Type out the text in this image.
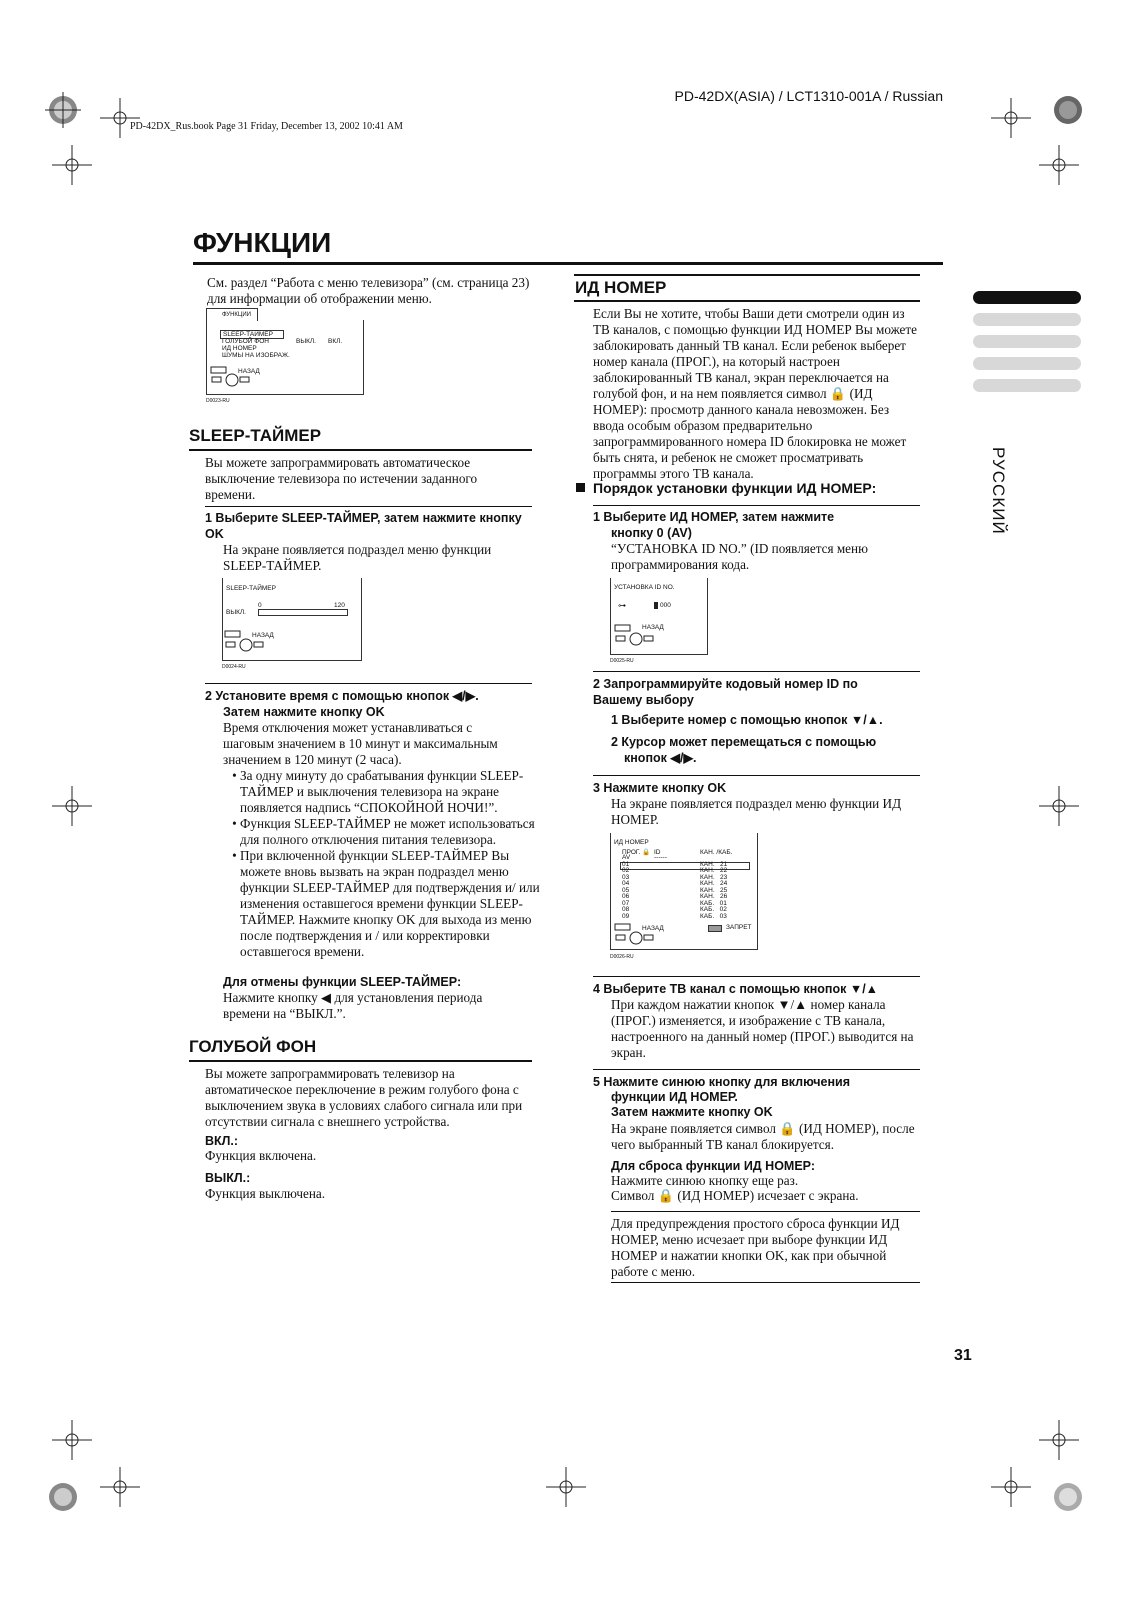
PD-42DX(ASIA) / LCT1310-001A / Russian
PD-42DX_Rus.book Page 31 Friday, December 13, 2002 10:41 AM
ФУНКЦИИ
РУССКИЙ

См. раздел “Работа с меню телевизора” (см. страница 23) для информации об отображении меню.

ФУНКЦИИ
SLEEP-ТАЙМЕР
ГОЛУБОЙ ФОН
ИД НОМЕР
ШУМЫ НА ИЗОБРАЖ.
ВЫКЛ. ВКЛ.
НАЗАД
D0023-RU
SLEEP-ТАЙМЕР

Вы можете запрограммировать автоматическое выключение телевизора по истечении заданного времени.

1 Выберите SLEEP-ТАЙМЕР, затем нажмите кнопку OK

На экране появляется подраздел меню функции SLEEP-ТАЙМЕР.

SLEEP-ТАЙМЕР
ВЫКЛ.
0	120
НАЗАД
D0024-RU
2 Установите время с помощью кнопок ◀/▶.
Затем нажмите кнопку OK

Время отключения может устанавливаться с шаговым значением в 10 минут и максимальным значением в 120 минут (2 часа).

• За одну минуту до срабатывания функции SLEEP-ТАЙМЕР и выключения телевизора на экране появляется надпись “СПОКОЙНОЙ НОЧИ!”.
• Функция SLEEP-ТАЙМЕР не может использоваться для полного отключения питания телевизора.
• При включенной функции SLEEP-ТАЙМЕР Вы можете вновь вызвать на экран подраздел меню функции SLEEP-ТАЙМЕР для подтверждения и/ или изменения оставшегося времени функции SLEEP-ТАЙМЕР. Нажмите кнопку OK для выхода из меню после подтверждения и / или корректировки оставшегося времени.
Для отмены функции SLEEP-ТАЙМЕР:

Нажмите кнопку ◀ для установления периода времени на “ВЫКЛ.”.

ГОЛУБОЙ ФОН

Вы можете запрограммировать телевизор на автоматическое переключение в режим голубого фона с выключением звука в условиях слабого сигнала или при отсутствии сигнала с внешнего устройства.

ВКЛ.:

Функция включена.

ВЫКЛ.:

Функция выключена.

ИД НОМЕР

Если Вы не хотите, чтобы Ваши дети смотрели один из ТВ каналов, с помощью функции ИД НОМЕР Вы можете заблокировать данный ТВ канал. Если ребенок выберет номер канала (ПРОГ.), на который настроен заблокированный ТВ канал, экран переключается на голубой фон, и на нем появляется символ 🔒 (ИД НОМЕР): просмотр данного канала невозможен. Без ввода особым образом предварительно запрограммированного номера ID блокировка не может быть снята, и ребенок не сможет просматривать программы этого ТВ канала.

Порядок установки функции ИД НОМЕР:
1 Выберите ИД НОМЕР, затем нажмите
кнопку 0 (AV)

“УСТАНОВКА ID NO.” (ID появляется меню программирования кода.

УСТАНОВКА ID NO.
⊶	000
НАЗАД
D0025-RU
2 Запрограммируйте кодовый номер ID по Вашему выбору
1 Выберите номер с помощью кнопок ▼/▲.
2 Курсор может перемещаться с помощью
кнопок ◀/▶.
3 Нажмите кнопку OK

На экране появляется подраздел меню функции ИД НОМЕР.

ИД НОМЕР
ПРОГ. 🔒 ID	КАН. /КАБ.
AV	------
01	КАН.   21
02	КАН.   22
03	КАН.   23
04	КАН.   24
05	КАН.   25
06	КАН.   26
07	КАБ.   01
08	КАБ.   02
09	КАБ.   03
НАЗАД	ЗАПРЕТ
D0026-RU
4 Выберите ТВ канал с помощью кнопок ▼/▲

При каждом нажатии кнопок ▼/▲ номер канала (ПРОГ.) изменяется, и изображение с ТВ канала, настроенного на данный номер (ПРОГ.) выводится на экран.

5 Нажмите синюю кнопку для включения
функции ИД НОМЕР.
Затем нажмите кнопку OK

На экране появляется символ 🔒 (ИД НОМЕР), после чего выбранный ТВ канал блокируется.

Для сброса функции ИД НОМЕР:

Нажмите синюю кнопку еще раз.

Символ 🔒 (ИД НОМЕР) исчезает с экрана.

Для предупреждения простого сброса функции ИД НОМЕР, меню исчезает при выборе функции ИД НОМЕР и нажатии кнопки OK, как при обычной работе с меню.

31
